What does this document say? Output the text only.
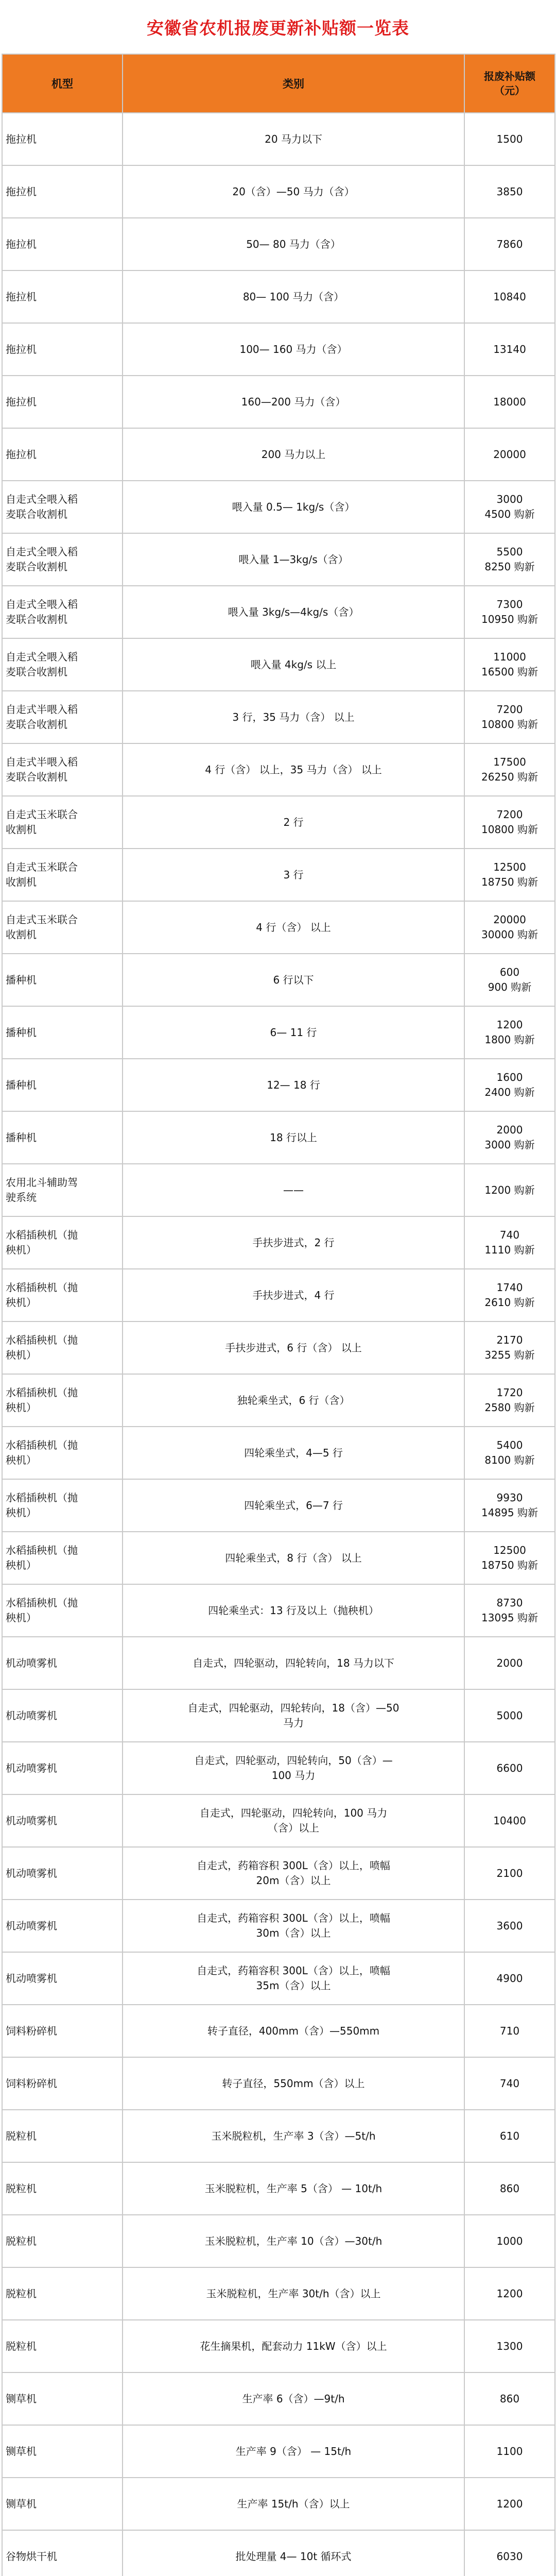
安徽省农机报废更新补贴额一览表
机型	类别	报废补贴额
（元）

拖拉机	20 马力以下	1500

拖拉机	20（含）—50 马力（含）	3850

拖拉机	50— 80 马力（含）	7860

拖拉机	80— 100 马力（含）	10840

拖拉机	100— 160 马力（含）	13140

拖拉机	160—200 马力（含）	18000

拖拉机	200 马力以上	20000

自走式全喂入稻
麦联合收割机	喂入量 0.5— 1kg/s（含）	3000
4500 购新

自走式全喂入稻
麦联合收割机	喂入量 1—3kg/s（含）	5500
8250 购新

自走式全喂入稻
麦联合收割机	喂入量 3kg/s—4kg/s（含）	7300
10950 购新

自走式全喂入稻
麦联合收割机	喂入量 4kg/s 以上	11000
16500 购新

自走式半喂入稻
麦联合收割机	3 行，35 马力（含） 以上	7200
10800 购新

自走式半喂入稻
麦联合收割机	4 行（含） 以上，35 马力（含） 以上	17500
26250 购新

自走式玉米联合
收割机	2 行	7200
10800 购新

自走式玉米联合
收割机	3 行	12500
18750 购新

自走式玉米联合
收割机	4 行（含） 以上	20000
30000 购新

播种机	6 行以下	600
900 购新

播种机	6— 11 行	1200
1800 购新

播种机	12— 18 行	1600
2400 购新

播种机	18 行以上	2000
3000 购新

农用北斗辅助驾
驶系统	——	1200 购新

水稻插秧机（抛
秧机）	手扶步进式，2 行	740
1110 购新

水稻插秧机（抛
秧机）	手扶步进式，4 行	1740
2610 购新

水稻插秧机（抛
秧机）	手扶步进式，6 行（含） 以上	2170
3255 购新

水稻插秧机（抛
秧机）	独轮乘坐式，6 行（含）	1720
2580 购新

水稻插秧机（抛
秧机）	四轮乘坐式，4—5 行	5400
8100 购新

水稻插秧机（抛
秧机）	四轮乘坐式，6—7 行	9930
14895 购新

水稻插秧机（抛
秧机）	四轮乘坐式，8 行（含） 以上	12500
18750 购新

水稻插秧机（抛
秧机）	四轮乘坐式：13 行及以上（抛秧机）	8730
13095 购新

机动喷雾机	自走式，四轮驱动，四轮转向，18 马力以下	2000

机动喷雾机	自走式，四轮驱动，四轮转向，18（含）—50
马力	5000

机动喷雾机	自走式，四轮驱动，四轮转向，50（含）—
100 马力	6600

机动喷雾机	自走式，四轮驱动，四轮转向，100 马力
（含）以上	10400

机动喷雾机	自走式，药箱容积 300L（含）以上，喷幅
20m（含）以上	2100

机动喷雾机	自走式，药箱容积 300L（含）以上，喷幅
30m（含）以上	3600

机动喷雾机	自走式，药箱容积 300L（含）以上，喷幅
35m（含）以上	4900

饲料粉碎机	转子直径，400mm（含）—550mm	710

饲料粉碎机	转子直径，550mm（含）以上	740

脱粒机	玉米脱粒机，生产率 3（含）—5t/h	610

脱粒机	玉米脱粒机，生产率 5（含） — 10t/h	860

脱粒机	玉米脱粒机，生产率 10（含）—30t/h	1000

脱粒机	玉米脱粒机，生产率 30t/h（含）以上	1200

脱粒机	花生摘果机，配套动力 11kW（含）以上	1300

铡草机	生产率 6（含）—9t/h	860

铡草机	生产率 9（含） — 15t/h	1100

铡草机	生产率 15t/h（含）以上	1200

谷物烘干机	批处理量 4— 10t 循环式	6030
